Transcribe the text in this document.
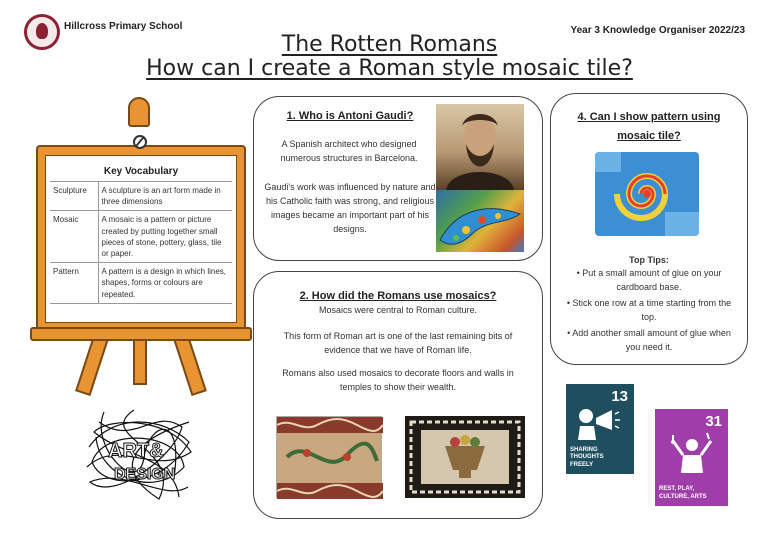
Hillcross Primary School	Year 3 Knowledge Organiser 2022/23
The Rotten Romans
How can I create a Roman style mosaic tile?
Key Vocabulary
Sculpture	A sculpture is an art form made in three dimensions
Mosaic	A mosaic is a pattern or picture created by putting together small pieces of stone, pottery, glass, tile or paper.
Pattern	A pattern is a design in which lines, shapes, forms or colours are repeated.
ART&
DESIGN
1. Who is Antoni Gaudi?
A Spanish architect who designed numerous structures in Barcelona.
Gaudi's work was influenced by nature and his Catholic faith was strong, and religious images became an important part of his designs.
2. How did the Romans use mosaics?
Mosaics were central to Roman culture.
This form of Roman art is one of the last remaining bits of evidence that we have of Roman life.
Romans also used mosaics to decorate floors and walls in temples to show their wealth.
4. Can I show pattern using mosaic tile?
Top Tips:
• Put a small amount of glue on your cardboard base.
• Stick one row at a time starting from the top.
• Add another small amount of glue when you need it.
13
SHARING THOUGHTS FREELY
31
REST, PLAY, CULTURE, ARTS
